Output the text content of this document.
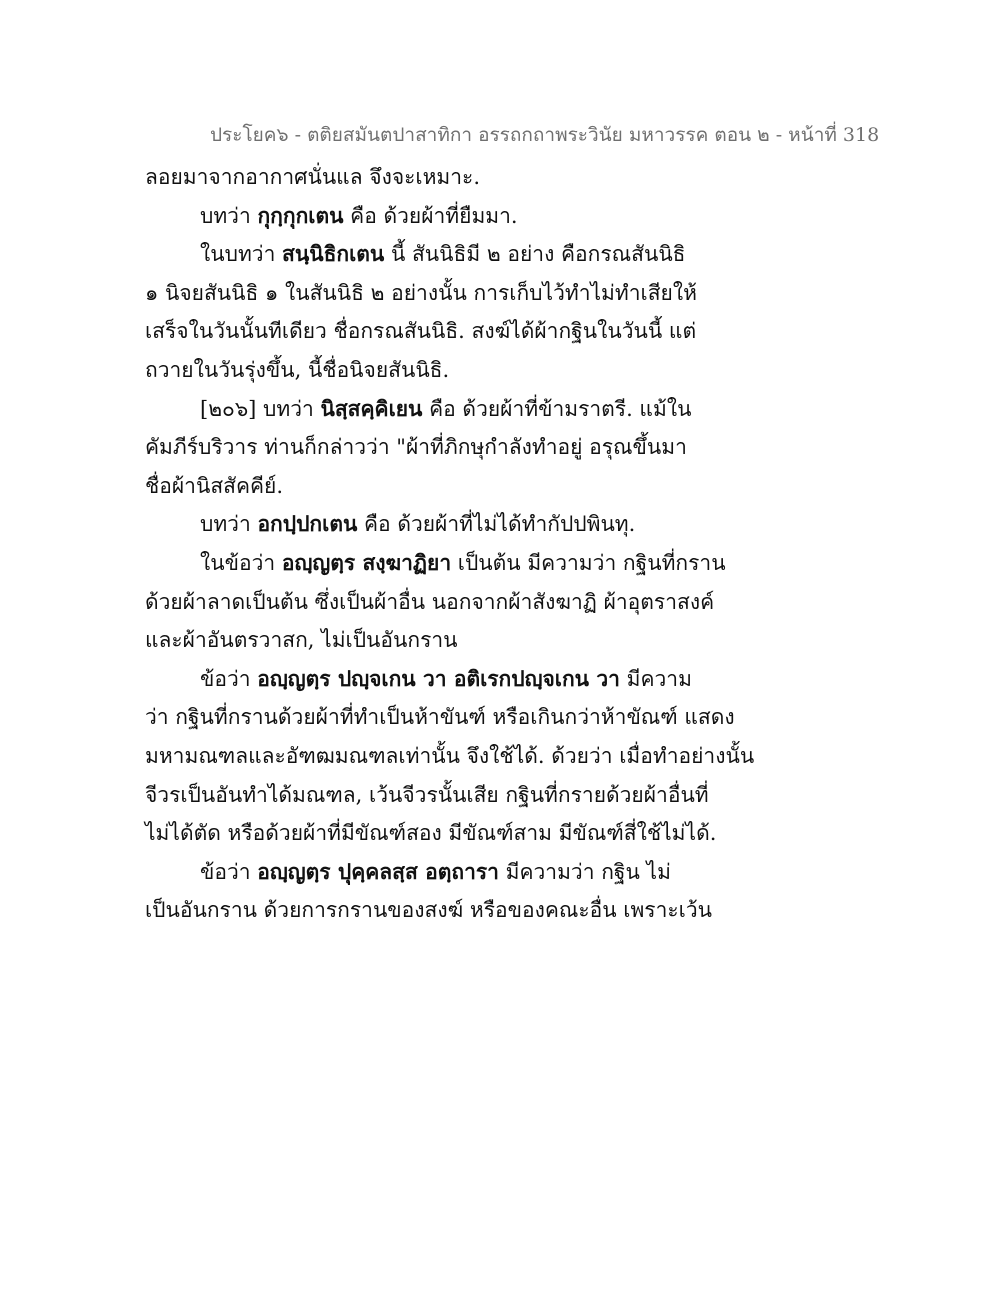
ประโยค๖ - ตติยสมันตปาสาทิกา อรรถกถาพระวินัย มหาวรรค ตอน ๒ - หน้าที่ 318
ลอยมาจากอากาศนั่นแล จึงจะเหมาะ.
บทว่า กุกฺกุกเตน คือ ด้วยผ้าที่ยืมมา.
ในบทว่า สนฺนิธิกเตน นี้ สันนิธิมี ๒ อย่าง คือกรณสันนิธิ
๑ นิจยสันนิธิ ๑ ในสันนิธิ ๒ อย่างนั้น การเก็บไว้ทำไม่ทำเสียให้
เสร็จในวันนั้นทีเดียว ชื่อกรณสันนิธิ. สงฆ์ได้ผ้ากฐินในวันนี้ แต่
ถวายในวันรุ่งขึ้น, นี้ชื่อนิจยสันนิธิ.
[๒๐๖] บทว่า นิสฺสคฺคิเยน คือ ด้วยผ้าที่ข้ามราตรี. แม้ใน
คัมภีร์บริวาร ท่านก็กล่าวว่า "ผ้าที่ภิกษุกำลังทำอยู่ อรุณขึ้นมา
ชื่อผ้านิสสัคคีย์.
บทว่า อกปฺปกเตน คือ ด้วยผ้าที่ไม่ได้ทำกัปปพินทุ.
ในข้อว่า อญฺญตฺร สงฺฆาฏิยา เป็นต้น มีความว่า กฐินที่กราน
ด้วยผ้าลาดเป็นต้น ซึ่งเป็นผ้าอื่น นอกจากผ้าสังฆาฏิ ผ้าอุตราสงค์
และผ้าอันตรวาสก, ไม่เป็นอันกราน
ข้อว่า อญฺญตฺร ปญฺจเกน วา อติเรกปญฺจเกน วา มีความ
ว่า กฐินที่กรานด้วยผ้าที่ทำเป็นห้าขันฑ์ หรือเกินกว่าห้าขัณฑ์ แสดง
มหามณฑลและอัฑฒมณฑลเท่านั้น จึงใช้ได้. ด้วยว่า เมื่อทำอย่างนั้น
จีวรเป็นอันทำได้มณฑล, เว้นจีวรนั้นเสีย กฐินที่กรายด้วยผ้าอื่นที่
ไม่ได้ตัด หรือด้วยผ้าที่มีขัณฑ์สอง มีขัณฑ์สาม มีขัณฑ์สี่ใช้ไม่ได้.
ข้อว่า อญฺญตฺร ปุคฺคลสฺส อตฺถารา มีความว่า กฐิน ไม่
เป็นอันกราน ด้วยการกรานของสงฆ์ หรือของคณะอื่น เพราะเว้น
